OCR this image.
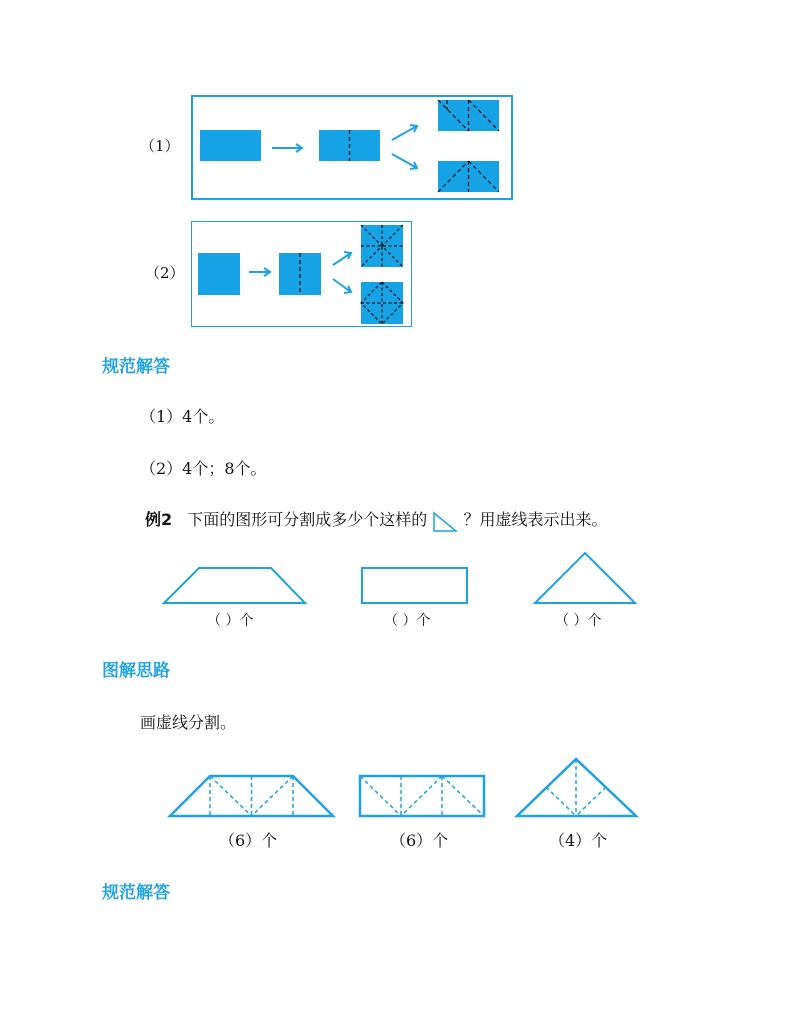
（1）
（2）
规范解答
（1）4个。
（2）4个；8个。
例2 下面的图形可分割成多少个这样的 ？用虚线表示出来。
（ ）个	（ ）个	（ ）个
图解思路
画虚线分割。
（6）个	（6）个	（4）个
规范解答
